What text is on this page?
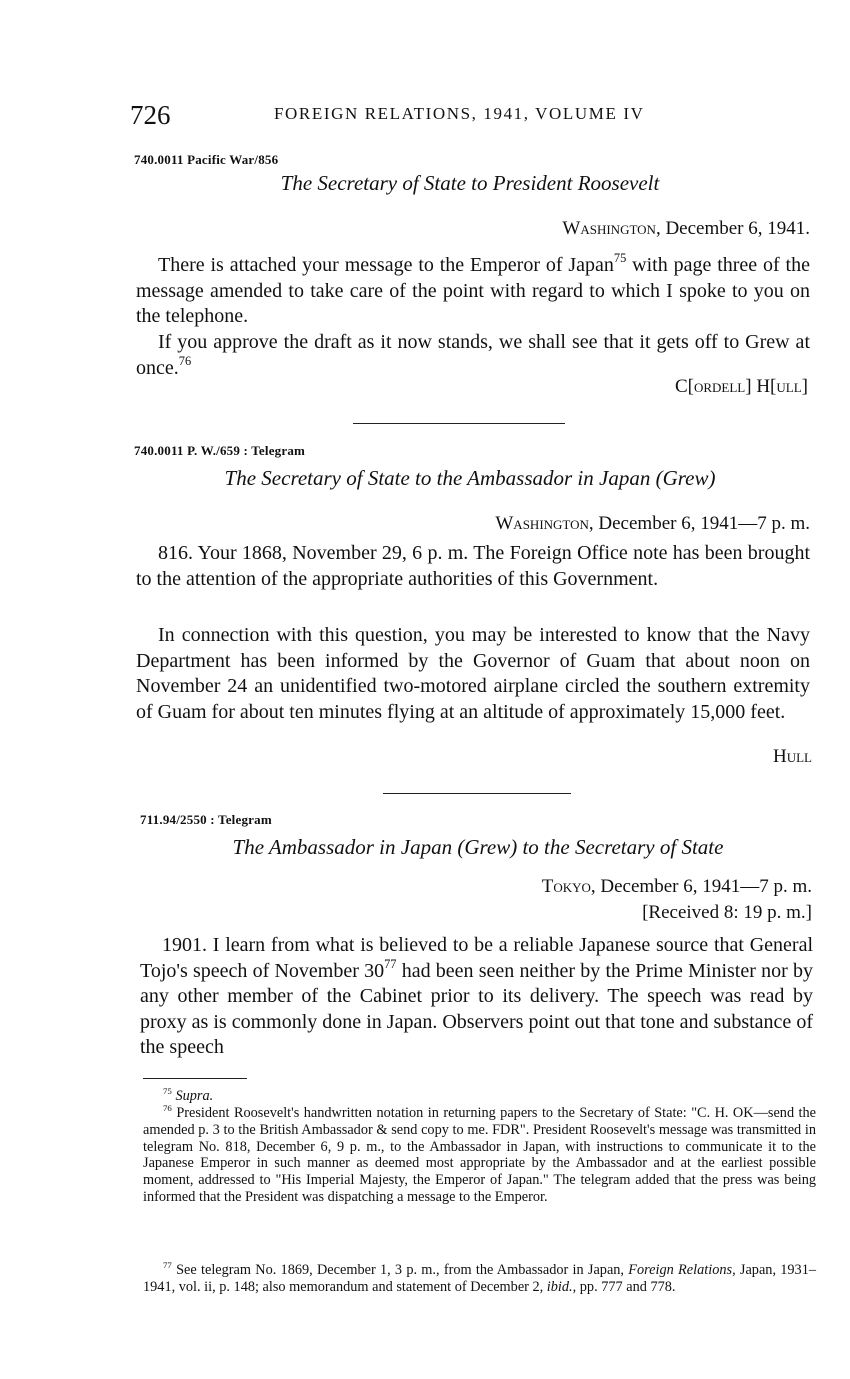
726	FOREIGN RELATIONS, 1941, VOLUME IV
740.0011 Pacific War/856
The Secretary of State to President Roosevelt
Washington, December 6, 1941.

There is attached your message to the Emperor of Japan$^{75}$ with page three of the message amended to take care of the point with regard to which I spoke to you on the telephone.

If you approve the draft as it now stands, we shall see that it gets off to Grew at once.$^{76}$

C[ordell] H[ull]
740.0011 P. W./659 : Telegram
The Secretary of State to the Ambassador in Japan (Grew)
Washington, December 6, 1941—7 p. m.

816. Your 1868, November 29, 6 p. m. The Foreign Office note has been brought to the attention of the appropriate authorities of this Government.

In connection with this question, you may be interested to know that the Navy Department has been informed by the Governor of Guam that about noon on November 24 an unidentified two-motored airplane circled the southern extremity of Guam for about ten minutes flying at an altitude of approximately 15,000 feet.

Hull
711.94/2550 : Telegram
The Ambassador in Japan (Grew) to the Secretary of State
Tokyo, December 6, 1941—7 p. m.
[Received 8: 19 p. m.]

1901. I learn from what is believed to be a reliable Japanese source that General Tojo's speech of November $30^{77}$ had been seen neither by the Prime Minister nor by any other member of the Cabinet prior to its delivery. The speech was read by proxy as is commonly done in Japan. Observers point out that tone and substance of the speech

$^{75}$ Supra.

$^{76}$ President Roosevelt's handwritten notation in returning papers to the Secretary of State: "C. H. OK—send the amended p. 3 to the British Ambassador & send copy to me. FDR". President Roosevelt's message was transmitted in telegram No. 818, December 6, 9 p. m., to the Ambassador in Japan, with instructions to communicate it to the Japanese Emperor in such manner as deemed most appropriate by the Ambassador and at the earliest possible moment, addressed to "His Imperial Majesty, the Emperor of Japan." The telegram added that the press was being informed that the President was dispatching a message to the Emperor.

$^{77}$ See telegram No. 1869, December 1, 3 p. m., from the Ambassador in Japan, Foreign Relations, Japan, 1931–1941, vol. ii, p. 148; also memorandum and statement of December 2, ibid., pp. 777 and 778.
